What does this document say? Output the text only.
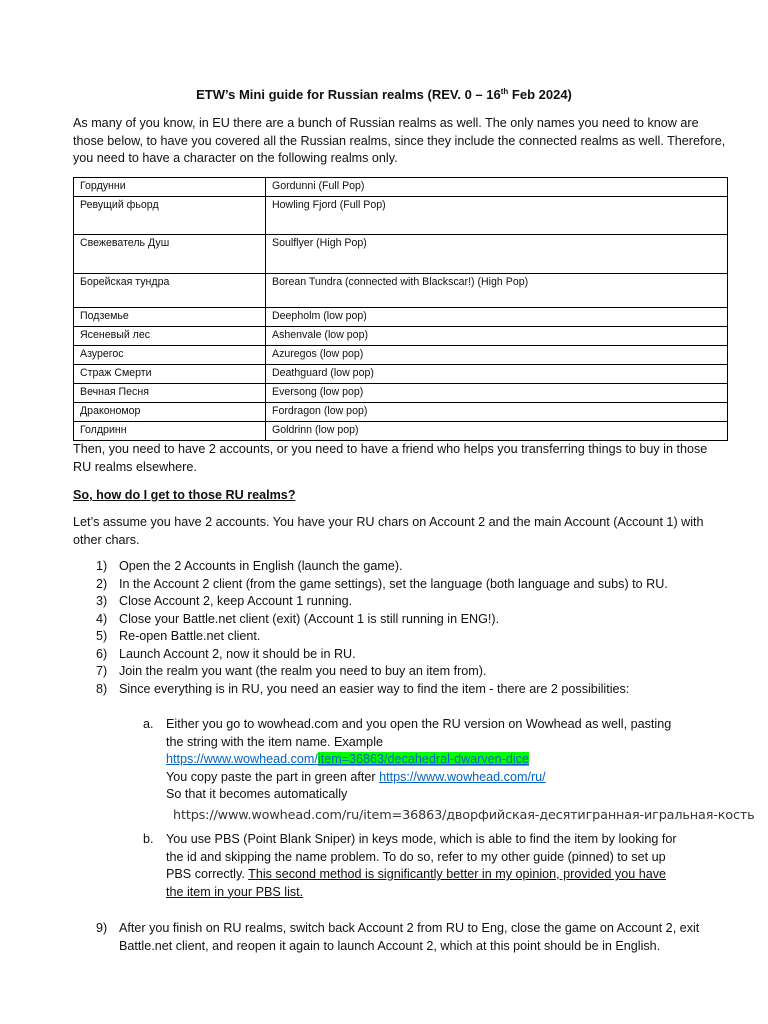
ETW’s Mini guide for Russian realms (REV. 0 – 16th Feb 2024)
As many of you know, in EU there are a bunch of Russian realms as well. The only names you need to know are those below, to have you covered all the Russian realms, since they include the connected realms as well. Therefore, you need to have a character on the following realms only.
Гордунни	Gordunni (Full Pop)
Ревущий фьорд	Howling Fjord (Full Pop)
Свежеватель Душ	Soulflyer (High Pop)
Борейская тундра	Borean Tundra (connected with Blackscar!) (High Pop)
Подземье	Deepholm (low pop)
Ясеневый лес	Ashenvale (low pop)
Азурегос	Azuregos (low pop)
Страж Смерти	Deathguard (low pop)
Вечная Песня	Eversong (low pop)
Дракономор	Fordragon (low pop)
Голдринн	Goldrinn (low pop)
Then, you need to have 2 accounts, or you need to have a friend who helps you transferring things to buy in those RU realms elsewhere.
So, how do I get to those RU realms?
Let’s assume you have 2 accounts. You have your RU chars on Account 2 and the main Account (Account 1) with other chars.
1) Open the 2 Accounts in English (launch the game).
2) In the Account 2 client (from the game settings), set the language (both language and subs) to RU.
3) Close Account 2, keep Account 1 running.
4) Close your Battle.net client (exit) (Account 1 is still running in ENG!).
5) Re-open Battle.net client.
6) Launch Account 2, now it should be in RU.
7) Join the realm you want (the realm you need to buy an item from).
8) Since everything is in RU, you need an easier way to find the item - there are 2 possibilities:
a. Either you go to wowhead.com and you open the RU version on Wowhead as well, pasting
the string with the item name. Example
https://www.wowhead.com/item=36863/decahedral-dwarven-dice
You copy paste the part in green after https://www.wowhead.com/ru/
So that it becomes automatically
https://www.wowhead.com/ru/item=36863/дворфийская-десятигранная-игральная-кость
b. You use PBS (Point Blank Sniper) in keys mode, which is able to find the item by looking for
the id and skipping the name problem. To do so, refer to my other guide (pinned) to set up
PBS correctly. This second method is significantly better in my opinion, provided you have
the item in your PBS list.
9) After you finish on RU realms, switch back Account 2 from RU to Eng, close the game on Account 2, exit Battle.net client, and reopen it again to launch Account 2, which at this point should be in English.
